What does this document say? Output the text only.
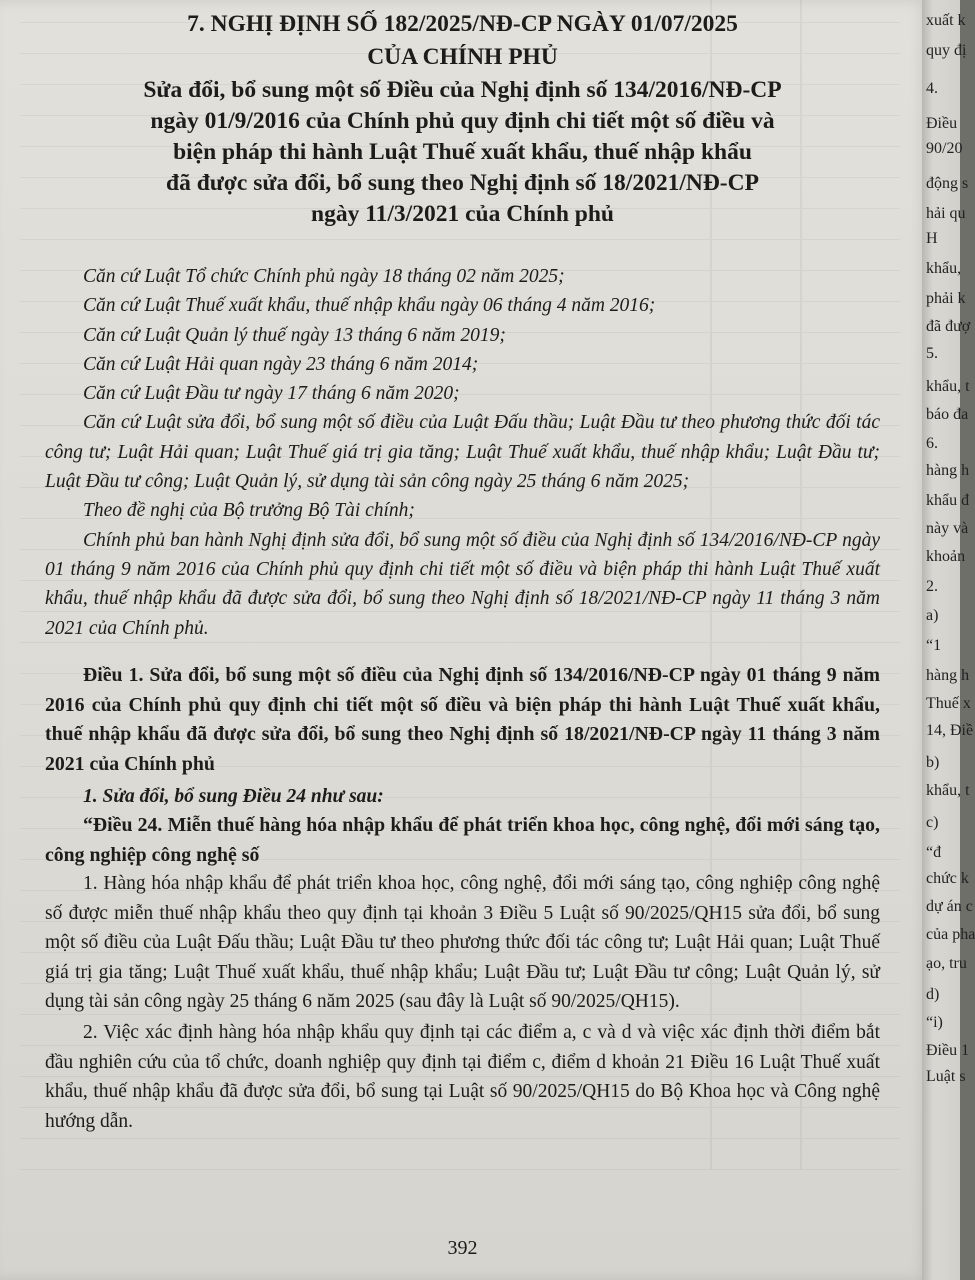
7. NGHỊ ĐỊNH SỐ 182/2025/NĐ-CP NGÀY 01/07/2025
CỦA CHÍNH PHỦ
Sửa đổi, bổ sung một số Điều của Nghị định số 134/2016/NĐ-CP
ngày 01/9/2016 của Chính phủ quy định chi tiết một số điều và
biện pháp thi hành Luật Thuế xuất khẩu, thuế nhập khẩu
đã được sửa đổi, bổ sung theo Nghị định số 18/2021/NĐ-CP
ngày 11/3/2021 của Chính phủ

Căn cứ Luật Tổ chức Chính phủ ngày 18 tháng 02 năm 2025;

Căn cứ Luật Thuế xuất khẩu, thuế nhập khẩu ngày 06 tháng 4 năm 2016;

Căn cứ Luật Quản lý thuế ngày 13 tháng 6 năm 2019;

Căn cứ Luật Hải quan ngày 23 tháng 6 năm 2014;

Căn cứ Luật Đầu tư ngày 17 tháng 6 năm 2020;

Căn cứ Luật sửa đổi, bổ sung một số điều của Luật Đấu thầu; Luật Đầu tư theo phương thức đối tác công tư; Luật Hải quan; Luật Thuế giá trị gia tăng; Luật Thuế xuất khẩu, thuế nhập khẩu; Luật Đầu tư; Luật Đầu tư công; Luật Quản lý, sử dụng tài sản công ngày 25 tháng 6 năm 2025;

Theo đề nghị của Bộ trưởng Bộ Tài chính;

Chính phủ ban hành Nghị định sửa đổi, bổ sung một số điều của Nghị định số 134/2016/NĐ-CP ngày 01 tháng 9 năm 2016 của Chính phủ quy định chi tiết một số điều và biện pháp thi hành Luật Thuế xuất khẩu, thuế nhập khẩu đã được sửa đổi, bổ sung theo Nghị định số 18/2021/NĐ-CP ngày 11 tháng 3 năm 2021 của Chính phủ.

Điều 1. Sửa đổi, bổ sung một số điều của Nghị định số 134/2016/NĐ-CP ngày 01 tháng 9 năm 2016 của Chính phủ quy định chi tiết một số điều và biện pháp thi hành Luật Thuế xuất khẩu, thuế nhập khẩu đã được sửa đổi, bổ sung theo Nghị định số 18/2021/NĐ-CP ngày 11 tháng 3 năm 2021 của Chính phủ

1. Sửa đổi, bổ sung Điều 24 như sau:

“Điều 24. Miễn thuế hàng hóa nhập khẩu để phát triển khoa học, công nghệ, đổi mới sáng tạo, công nghiệp công nghệ số

1. Hàng hóa nhập khẩu để phát triển khoa học, công nghệ, đổi mới sáng tạo, công nghiệp công nghệ số được miễn thuế nhập khẩu theo quy định tại khoản 3 Điều 5 Luật số 90/2025/QH15 sửa đổi, bổ sung một số điều của Luật Đấu thầu; Luật Đầu tư theo phương thức đối tác công tư; Luật Hải quan; Luật Thuế giá trị gia tăng; Luật Thuế xuất khẩu, thuế nhập khẩu; Luật Đầu tư; Luật Đầu tư công; Luật Quản lý, sử dụng tài sản công ngày 25 tháng 6 năm 2025 (sau đây là Luật số 90/2025/QH15).

2. Việc xác định hàng hóa nhập khẩu quy định tại các điểm a, c và d và việc xác định thời điểm bắt đầu nghiên cứu của tổ chức, doanh nghiệp quy định tại điểm c, điểm d khoản 21 Điều 16 Luật Thuế xuất khẩu, thuế nhập khẩu đã được sửa đổi, bổ sung tại Luật số 90/2025/QH15 do Bộ Khoa học và Công nghệ hướng dẫn.

392
xuất k
quy đị
4.
Điều
90/20
động s
hải qu
H
khẩu,
phải k
đã đượ
5.
khẩu, t
báo đa
6.
hàng h
khẩu đ
này và
khoản
2.
a)
“1
hàng h
Thuế x
14, Điề
b)
khẩu, t
c)
“đ
chức k
dự án c
của pha
ạo, tru
d)
“i)
Điều 1
Luật s
